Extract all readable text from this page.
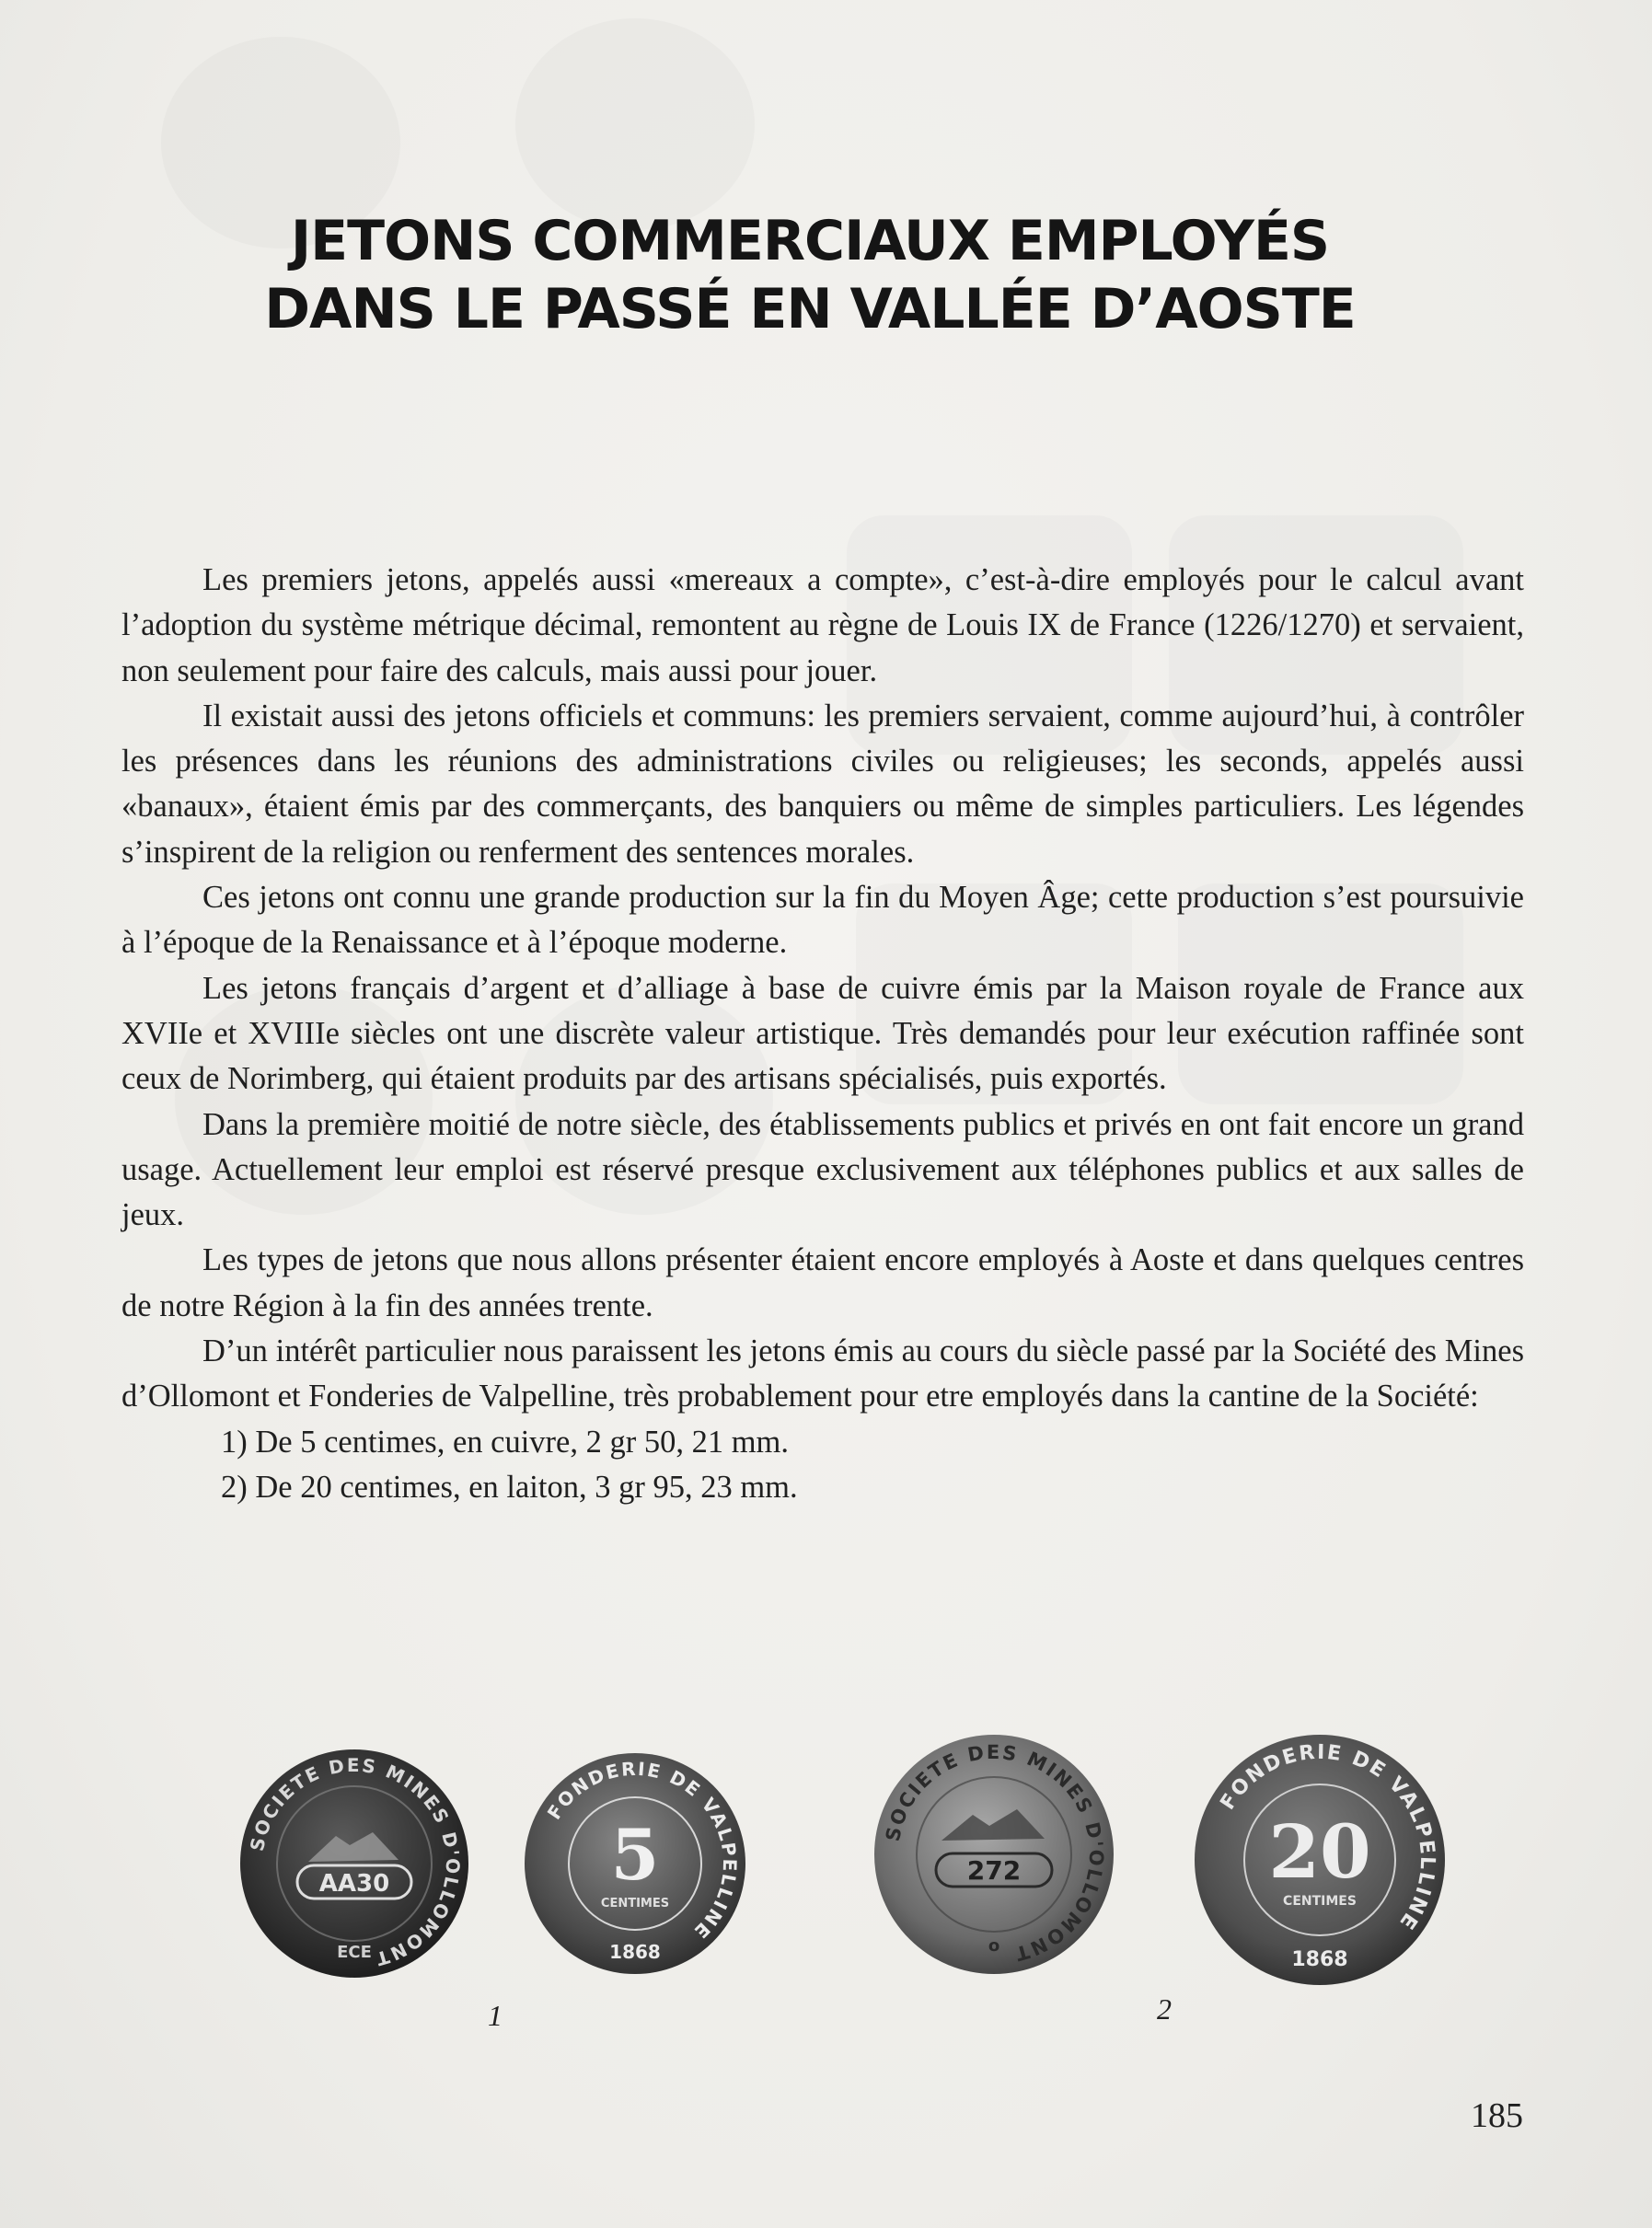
JETONS COMMERCIAUX EMPLOYÉS
DANS LE PASSÉ EN VALLÉE D’AOSTE

Les premiers jetons, appelés aussi «mereaux a compte», c’est-à-dire employés pour le calcul avant l’adoption du système métrique décimal, remontent au règne de Louis IX de France (1226/1270) et servaient, non seulement pour faire des calculs, mais aussi pour jouer.

Il existait aussi des jetons officiels et communs: les premiers servaient, comme aujourd’hui, à contrôler les présences dans les réunions des administrations civiles ou religieuses; les seconds, appelés aussi «banaux», étaient émis par des commerçants, des banquiers ou même de simples particuliers. Les légendes s’inspirent de la religion ou renferment des sentences morales.

Ces jetons ont connu une grande production sur la fin du Moyen Âge; cette production s’est poursuivie à l’époque de la Renaissance et à l’époque moderne.

Les jetons français d’argent et d’alliage à base de cuivre émis par la Maison royale de France aux XVIIe et XVIIIe siècles ont une discrète valeur artistique. Très demandés pour leur exécution raffinée sont ceux de Norimberg, qui étaient produits par des artisans spécialisés, puis exportés.

Dans la première moitié de notre siècle, des établissements publics et privés en ont fait encore un grand usage. Actuellement leur emploi est réservé presque exclusivement aux téléphones publics et aux salles de jeux.

Les types de jetons que nous allons présenter étaient encore employés à Aoste et dans quelques centres de notre Région à la fin des années trente.

D’un intérêt particulier nous paraissent les jetons émis au cours du siècle passé par la Société des Mines d’Ollomont et Fonderies de Valpelline, très probablement pour etre employés dans la cantine de la Société:

1) De 5 centimes, en cuivre, 2 gr 50, 21 mm.

2) De 20 centimes, en laiton, 3 gr 95, 23 mm.

SOCIETE DES MINES D'OLLOMONT
AA30
ECE
FONDERIE DE VALPELLINE
5
CENTIMES
1868
SOCIETE DES MINES D'OLLOMONT
272
o
FONDERIE DE VALPELLINE
20
CENTIMES
1868
1	2
185
